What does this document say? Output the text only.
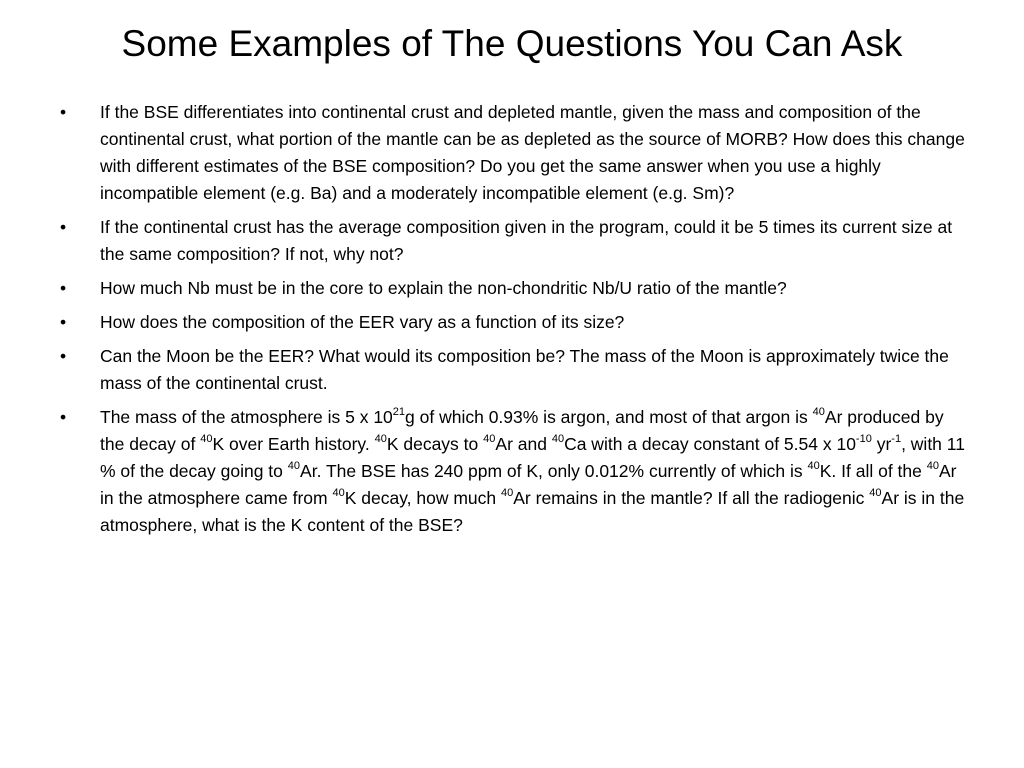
Some Examples of The Questions You Can Ask
•	If the BSE differentiates into continental crust and depleted mantle, given the mass and composition of the continental crust, what portion of the mantle can be as depleted as the source of MORB? How does this change with different estimates of the BSE composition? Do you get the same answer when you use a highly incompatible element (e.g. Ba) and a moderately incompatible element (e.g. Sm)?
•	If the continental crust has the average composition given in the program, could it be 5 times its current size at the same composition? If not, why not?
•	How much Nb must be in the core to explain the non-chondritic Nb/U ratio of the mantle?
•	How does the composition of the EER vary as a function of its size?
•	Can the Moon be the EER? What would its composition be? The mass of the Moon is approximately twice the mass of the continental crust.
•	The mass of the atmosphere is 5 x $10^{21}g$ of which 0.93% is argon, and most of that argon is $^{40}$Ar produced by the decay of $^{40}$K over Earth history. $^{40}$K decays to $^{40}$Ar and $^{40}$Ca with a decay constant of 5.54 x $10^{-10}$ $yr^{-1}$, with 11 % of the decay going to $^{40}$Ar. The BSE has 240 ppm of K, only 0.012% currently of which is $^{40}$K. If all of the $^{40}$Ar in the atmosphere came from $^{40}$K decay, how much $^{40}$Ar remains in the mantle? If all the radiogenic $^{40}$Ar is in the atmosphere, what is the K content of the BSE?
